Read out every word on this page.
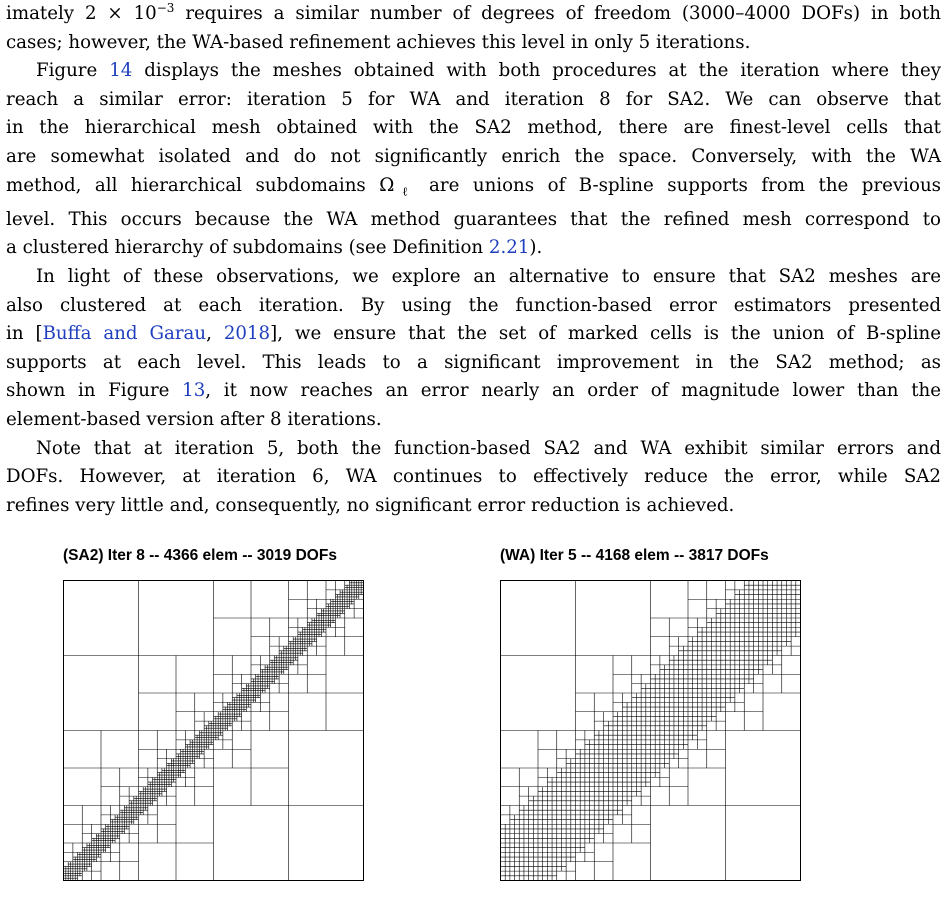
imately $2 \times 10^{-3}$ requires a similar number of degrees of freedom (3000–4000 DOFs) in both
cases; however, the WA-based refinement achieves this level in only 5 iterations.

Figure 14 displays the meshes obtained with both procedures at the iteration where they
reach a similar error: iteration 5 for WA and iteration 8 for SA2. We can observe that
in the hierarchical mesh obtained with the SA2 method, there are finest-level cells that
are somewhat isolated and do not significantly enrich the space. Conversely, with the WA
method, all hierarchical subdomains $\Omega_\ell$ are unions of B-spline supports from the previous
level. This occurs because the WA method guarantees that the refined mesh correspond to
a clustered hierarchy of subdomains (see Definition 2.21).

In light of these observations, we explore an alternative to ensure that SA2 meshes are
also clustered at each iteration. By using the function-based error estimators presented
in [Buffa and Garau, 2018], we ensure that the set of marked cells is the union of B-spline
supports at each level. This leads to a significant improvement in the SA2 method; as
shown in Figure 13, it now reaches an error nearly an order of magnitude lower than the
element-based version after 8 iterations.

Note that at iteration 5, both the function-based SA2 and WA exhibit similar errors and
DOFs. However, at iteration 6, WA continues to effectively reduce the error, while SA2
refines very little and, consequently, no significant error reduction is achieved.

(SA2) Iter 8 -- 4366 elem -- 3019 DOFs	(WA) Iter 5 -- 4168 elem -- 3817 DOFs
